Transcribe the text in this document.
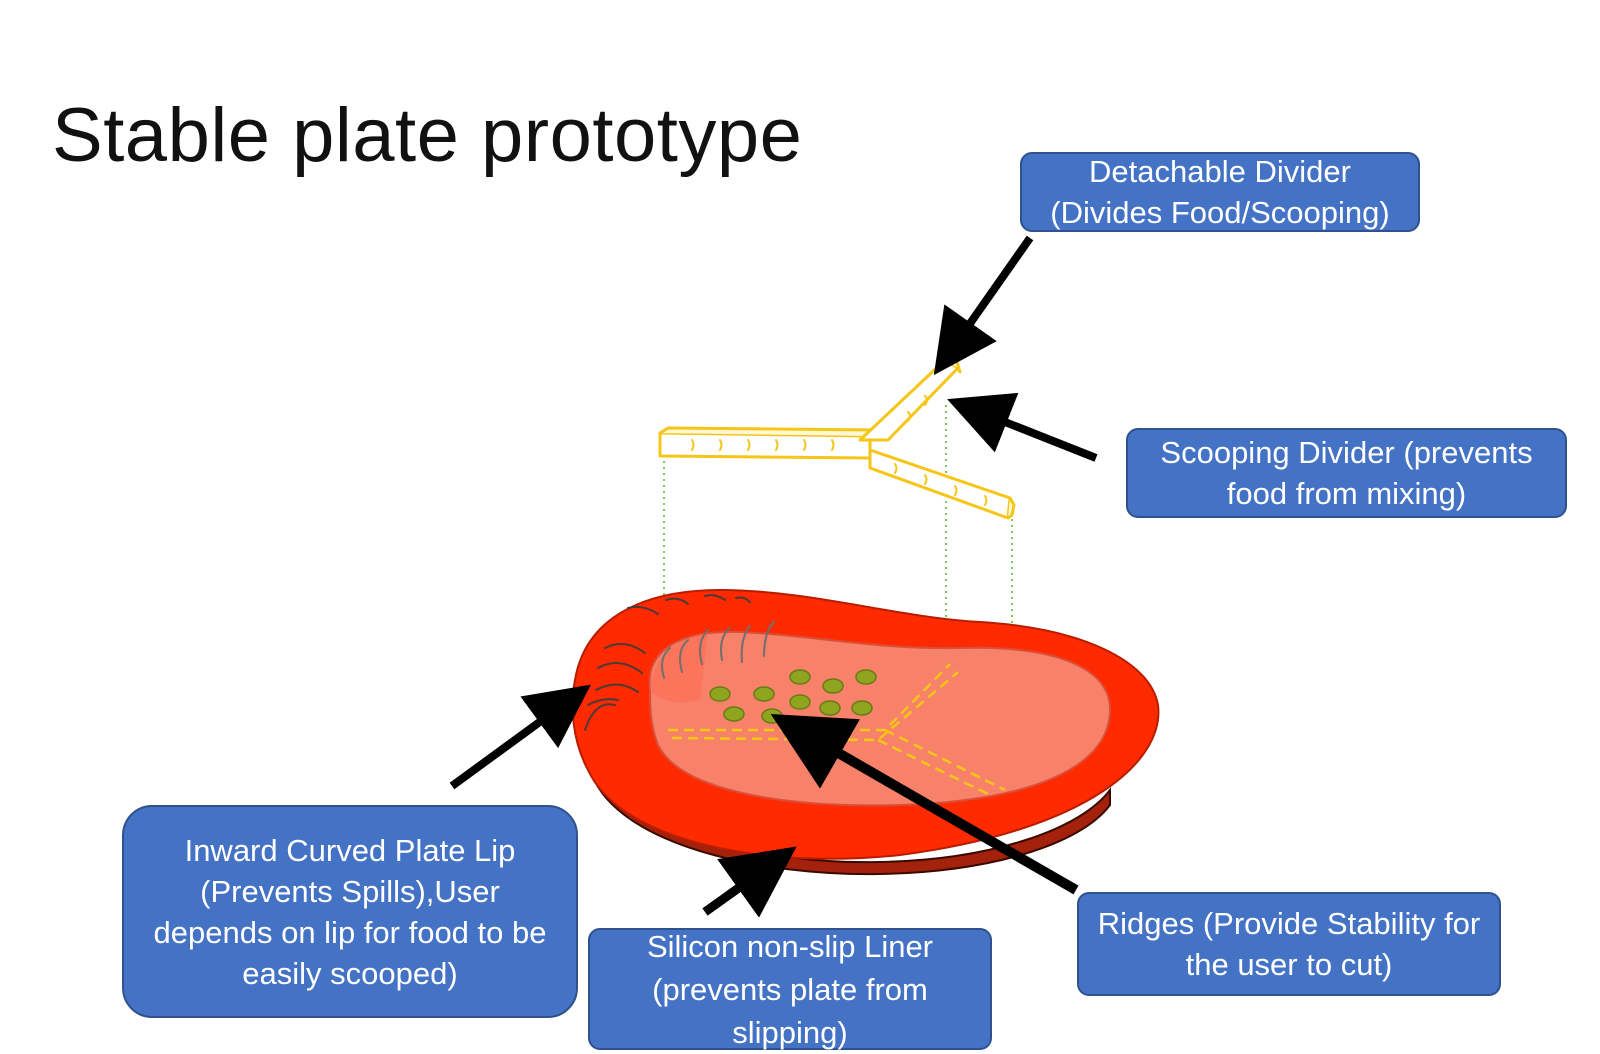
Stable plate prototype	Detachable Divider (Divides Food/Scooping)
Scooping Divider (prevents food from mixing)
Inward Curved Plate Lip (Prevents Spills),User depends on lip for food to be easily scooped)
Silicon non-slip Liner (prevents plate from slipping)
Ridges (Provide Stability for the user to cut)
